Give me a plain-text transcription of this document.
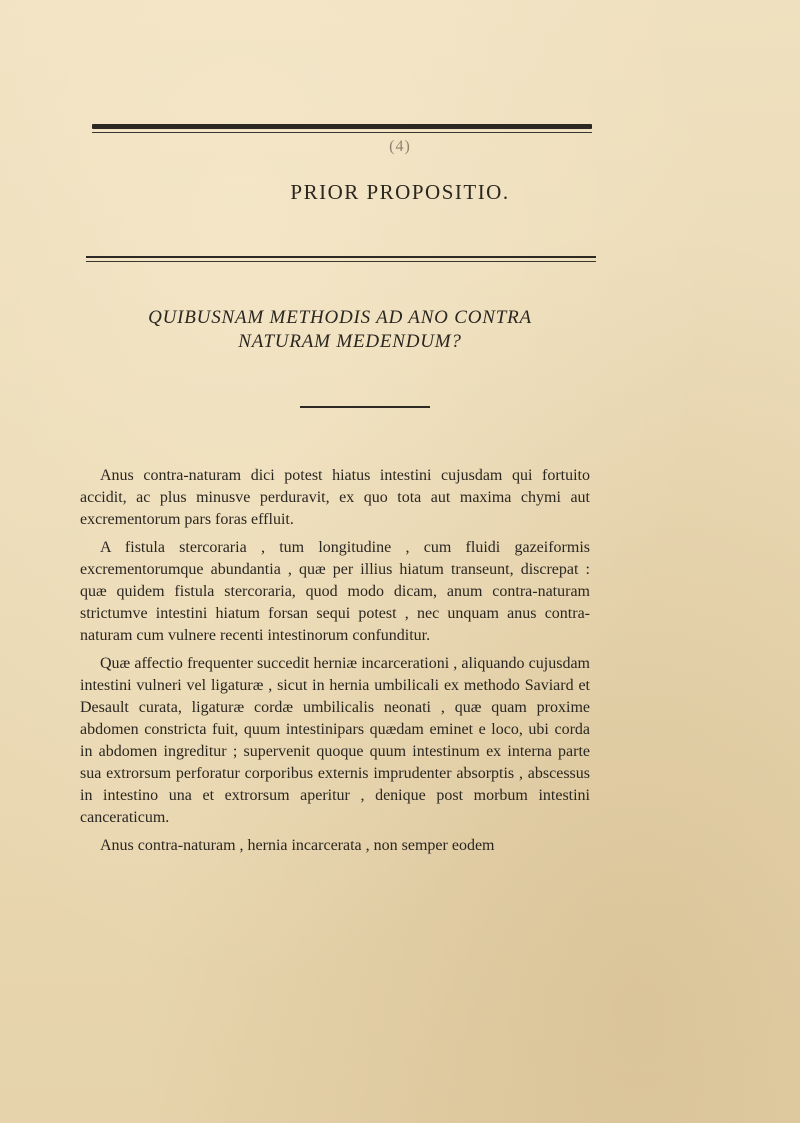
(4)
PRIOR PROPOSITIO.
QUIBUSNAM METHODIS AD ANO CONTRA
NATURAM MEDENDUM?

Anus contra-naturam dici potest hiatus intestini cujusdam qui fortuito accidit, ac plus minusve perduravit, ex quo tota aut maxima chymi aut excrementorum pars foras effluit.

A fistula stercoraria , tum longitudine , cum fluidi gazeiformis excrementorumque abundantia , quæ per illius hiatum transeunt, discrepat : quæ quidem fistula stercoraria, quod modo dicam, anum contra-naturam strictumve intestini hiatum forsan sequi potest , nec unquam anus contra-naturam cum vulnere recenti intestinorum confunditur.

Quæ affectio frequenter succedit herniæ incarcerationi , aliquando cujusdam intestini vulneri vel ligaturæ , sicut in hernia umbilicali ex methodo Saviard et Desault curata, ligaturæ cordæ umbilicalis neonati , quæ quam proxime abdomen constricta fuit, quum intestinipars quædam eminet e loco, ubi corda in abdomen ingreditur ; supervenit quoque quum intestinum ex interna parte sua extrorsum perforatur corporibus externis imprudenter absorptis , abscessus in intestino una et extrorsum aperitur , denique post morbum intestini canceraticum.

Anus contra-naturam , hernia incarcerata , non semper eodem
